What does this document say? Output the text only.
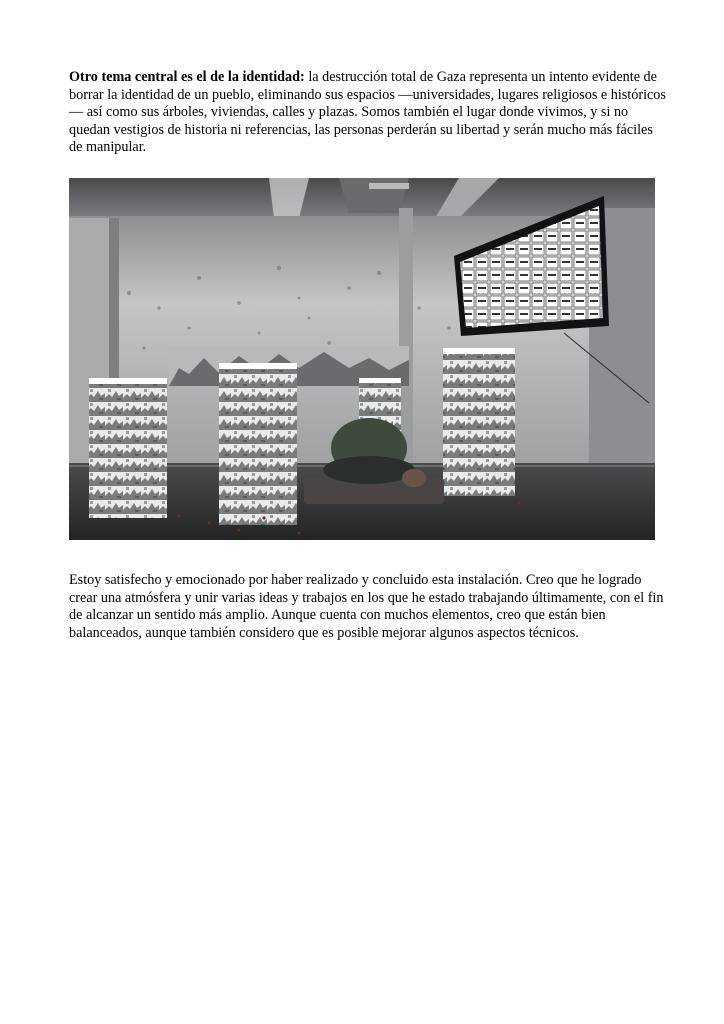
Otro tema central es el de la identidad: la destrucción total de Gaza representa un intento evidente de borrar la identidad de un pueblo, eliminando sus espacios —universidades, lugares religiosos e históricos— así como sus árboles, viviendas, calles y plazas. Somos también el lugar donde vivimos, y si no quedan vestigios de historia ni referencias, las personas perderán su libertad y serán mucho más fáciles de manipular.

Estoy satisfecho y emocionado por haber realizado y concluido esta instalación. Creo que he logrado crear una atmósfera y unir varias ideas y trabajos en los que he estado trabajando últimamente, con el fin de alcanzar un sentido más amplio. Aunque cuenta con muchos elementos, creo que están bien balanceados, aunque también considero que es posible mejorar algunos aspectos técnicos.
